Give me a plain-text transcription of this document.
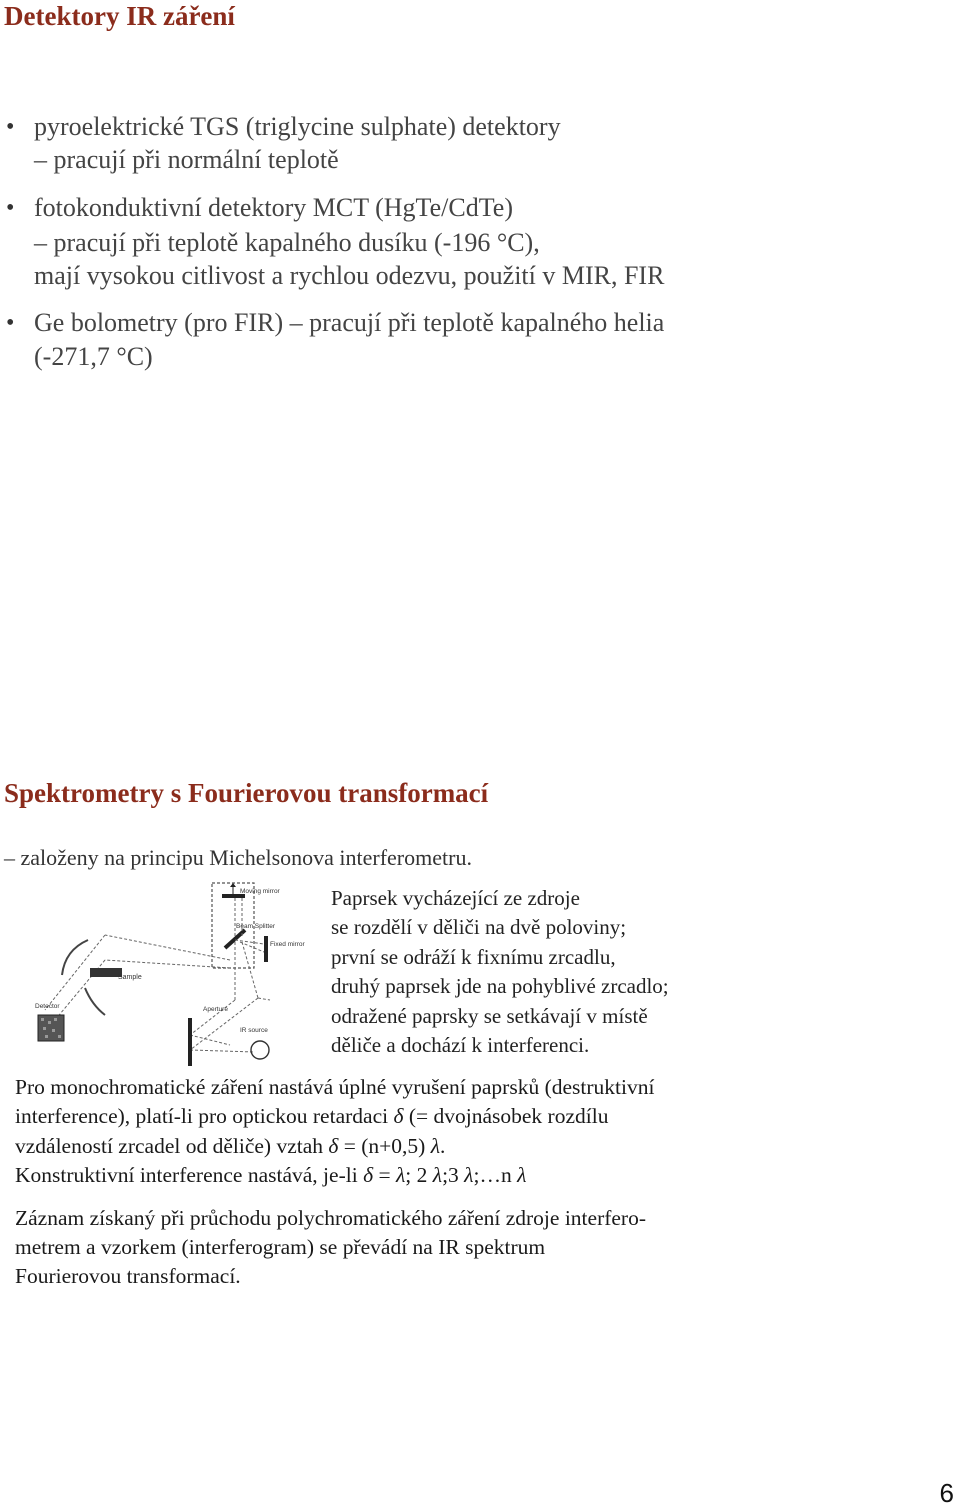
Detektory IR záření
• pyroelektrické TGS (triglycine sulphate) detektory
– pracují při normální teplotě
• fotokonduktivní detektory MCT (HgTe/CdTe)
– pracují při teplotě kapalného dusíku (-196 °C),
mají vysokou citlivost a rychlou odezvu, použití v MIR, FIR
• Ge bolometry (pro FIR) – pracují při teplotě kapalného helia
(-271,7 °C)
Spektrometry s Fourierovou transformací
– založeny na principu Michelsonova interferometru.
Moving mirror
Beam Splitter
Fixed mirror
Sample
Detector	Aperture
IR source
Paprsek vycházející ze zdroje
se rozdělí v děliči na dvě poloviny;
první se odráží k fixnímu zrcadlu,
druhý paprsek jde na pohyblivé zrcadlo;
odražené paprsky se setkávají v místě
děliče a dochází k interferenci.
Pro monochromatické záření nastává úplné vyrušení paprsků (destruktivní
interference), platí-li pro optickou retardaci δ (= dvojnásobek rozdílu
vzdáleností zrcadel od děliče) vztah δ = (n+0,5) λ.
Konstruktivní interference nastává, je-li δ = λ; 2 λ;3 λ;…n λ
Záznam získaný při průchodu polychromatického záření zdroje interfero-
metrem a vzorkem (interferogram) se převádí na IR spektrum
Fourierovou transformací.
6
